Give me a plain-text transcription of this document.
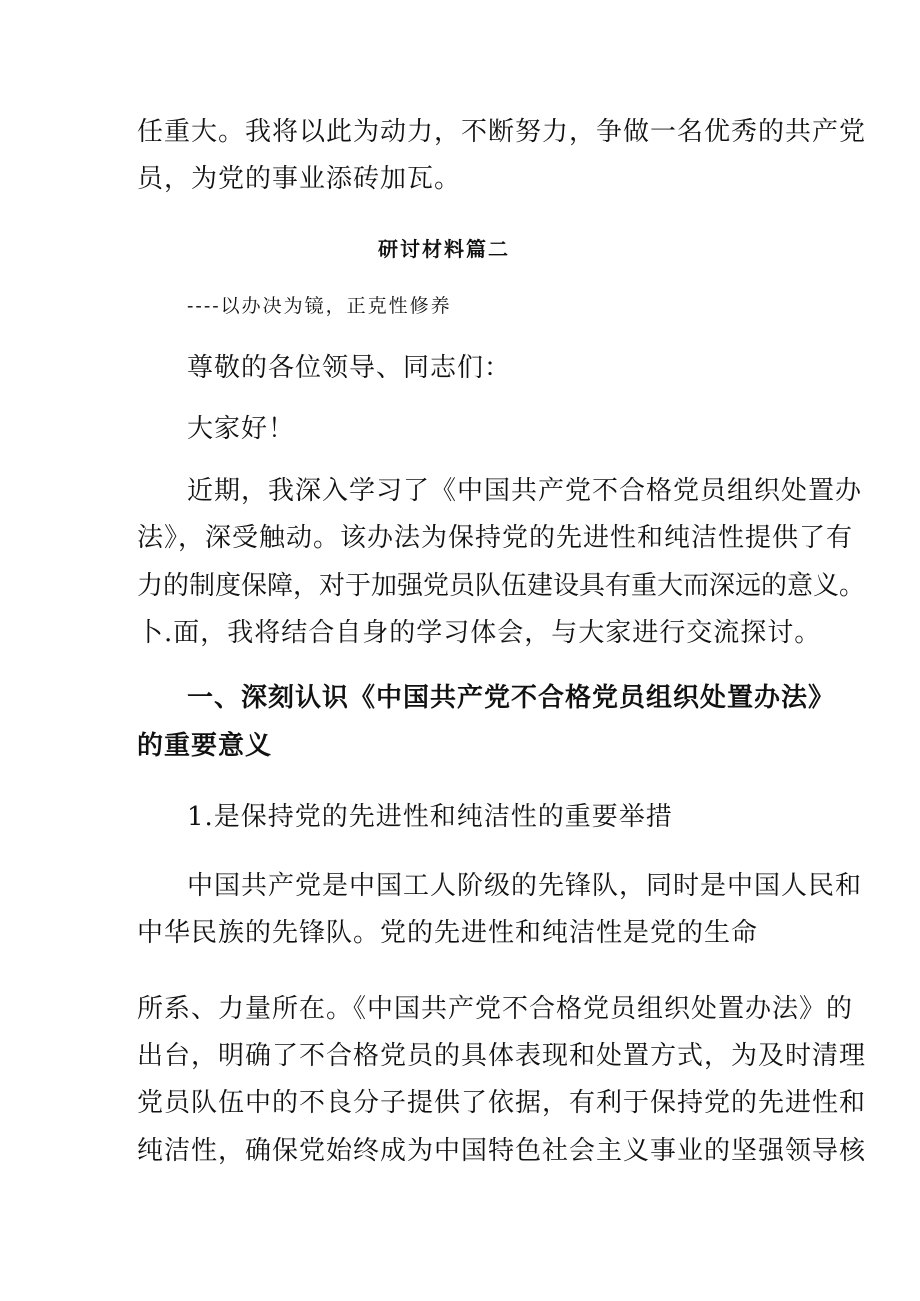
任重大。我将以此为动力，不断努力，争做一名优秀的共产党
员，为党的事业添砖加瓦。
研讨材料篇二
----以办决为镜，正克性修养
尊敬的各位领导、同志们：
大家好！
近期，我深入学习了《中国共产党不合格党员组织处置办
法》，深受触动。该办法为保持党的先进性和纯洁性提供了有
力的制度保障，对于加强党员队伍建设具有重大而深远的意义。
卜.面，我将结合自身的学习体会，与大家进行交流探讨。
一、深刻认识《中国共产党不合格党员组织处置办法》
的重要意义
1.是保持党的先进性和纯洁性的重要举措
中国共产党是中国工人阶级的先锋队，同时是中国人民和
中华民族的先锋队。党的先进性和纯洁性是党的生命
所系、力量所在。《中国共产党不合格党员组织处置办法》的
出台，明确了不合格党员的具体表现和处置方式，为及时清理
党员队伍中的不良分子提供了依据，有利于保持党的先进性和
纯洁性，确保党始终成为中国特色社会主义事业的坚强领导核
